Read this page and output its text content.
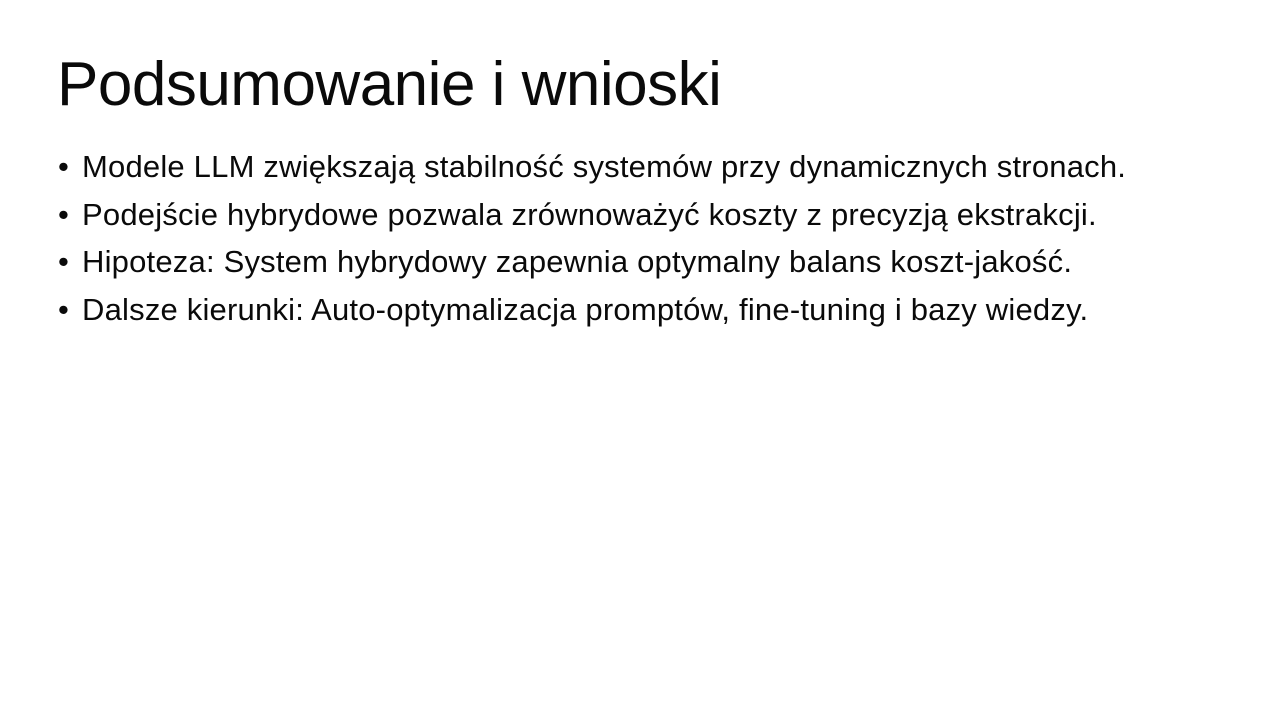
Podsumowanie i wnioski
• Modele LLM zwiększają stabilność systemów przy dynamicznych stronach.
• Podejście hybrydowe pozwala zrównoważyć koszty z precyzją ekstrakcji.
• Hipoteza: System hybrydowy zapewnia optymalny balans koszt-jakość.
• Dalsze kierunki: Auto-optymalizacja promptów, fine-tuning i bazy wiedzy.
